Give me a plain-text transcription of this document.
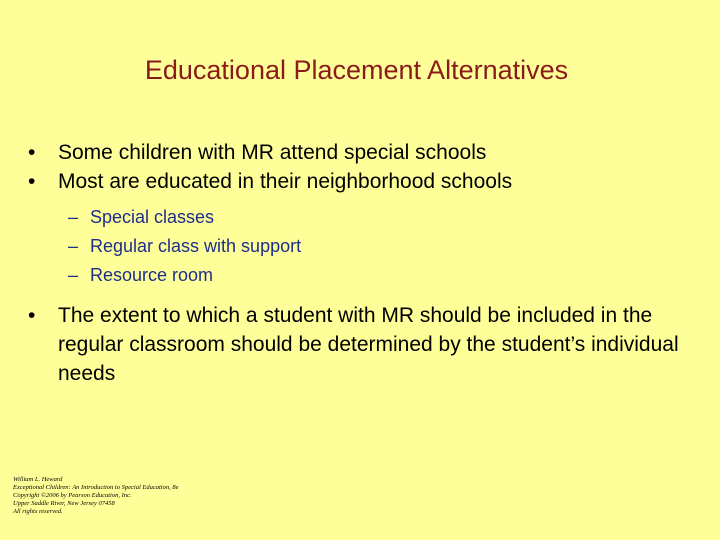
Educational Placement Alternatives
• Some children with MR attend special schools
• Most are educated in their neighborhood schools
– Special classes
– Regular class with support
– Resource room
• The extent to which a student with MR should be included in the regular classroom should be determined by the student’s individual needs
William L. Heward
Exceptional Children: An Introduction to Special Education, 8e
Copyright ©2006 by Pearson Education, Inc.
Upper Saddle River, New Jersey 07458
All rights reserved.
